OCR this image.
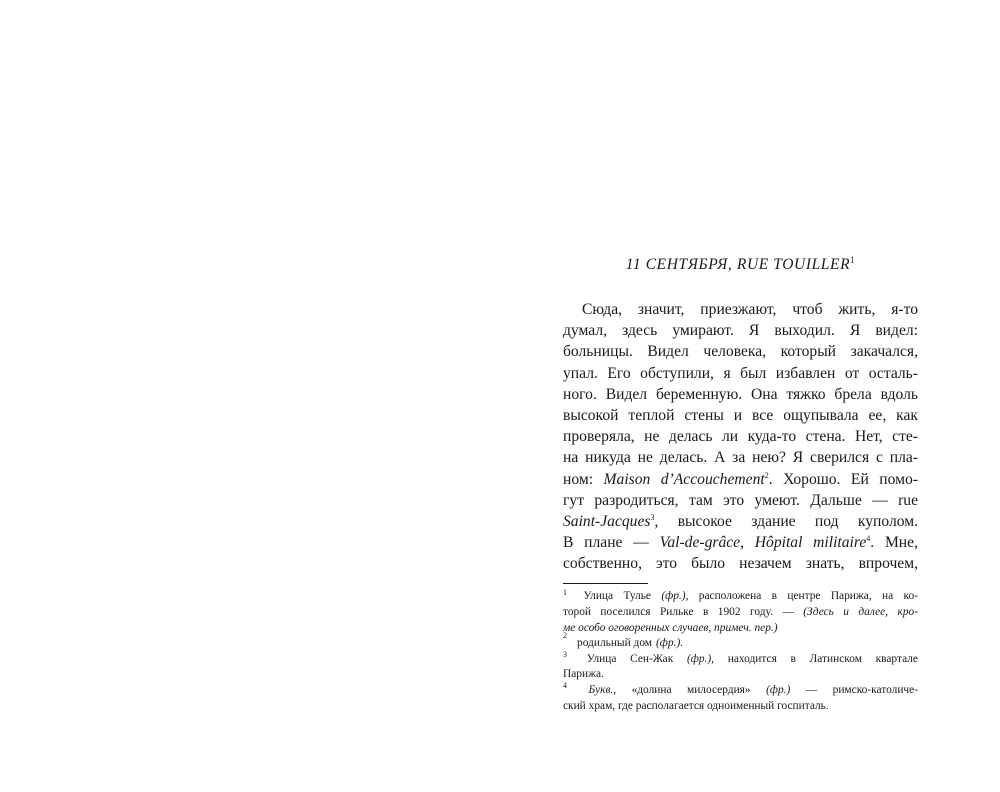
11 СЕНТЯБРЯ, RUE TOUILLER$^1$
Сюда, значит, приезжают, чтоб жить, я-то
думал, здесь умирают. Я выходил. Я видел:
больницы. Видел человека, который закачался,
упал. Его обступили, я был избавлен от осталь-
ного. Видел беременную. Она тяжко брела вдоль
высокой теплой стены и все ощупывала ее, как
проверяла, не делась ли куда-то стена. Нет, сте-
на никуда не делась. А за нею? Я сверился с пла-
ном: Maison d’Accouchement$^2$. Хорошо. Ей помо-
гут разродиться, там это умеют. Дальше — rue
Saint-Jacques$^3$, высокое здание под куполом.
В плане — Val-de-grâce, Hôpital militaire$^4$. Мне,
собственно, это было незачем знать, впрочем,
$^1$ Улица Тулье (фр.), расположена в центре Парижа, на ко-
торой поселился Рильке в 1902 году. — (Здесь и далее, кро-
ме особо оговоренных случаев, примеч. пер.)
2
родильный дом (фр.).
$^3$ Улица Сен-Жак (фр.), находится в Латинском квартале
Парижа.
$^4$ Букв., «долина милосердия» (фр.) — римско-католиче-
ский храм, где располагается одноименный госпиталь.
